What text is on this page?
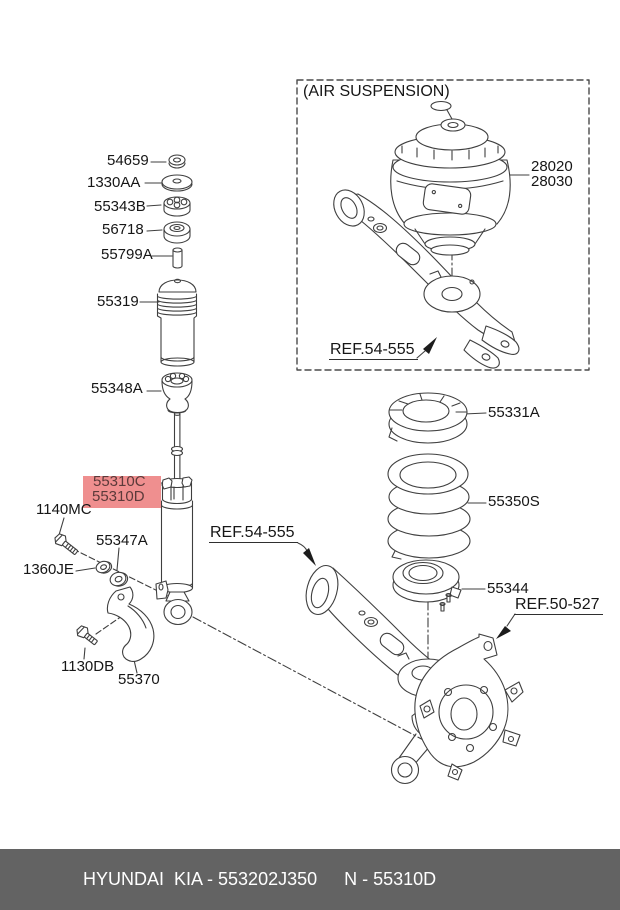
54659
1330AA
55343B
56718
55799A
55319
55348A
55310C
55310D
1140MC
55347A
1360JE
1130DB
55370
28020
28030
55331A
55350S
55344
(AIR SUSPENSION)
REF.54-555
REF.54-555
REF.50-527
HYUNDAI  KIA - 553202J350 N - 55310D
